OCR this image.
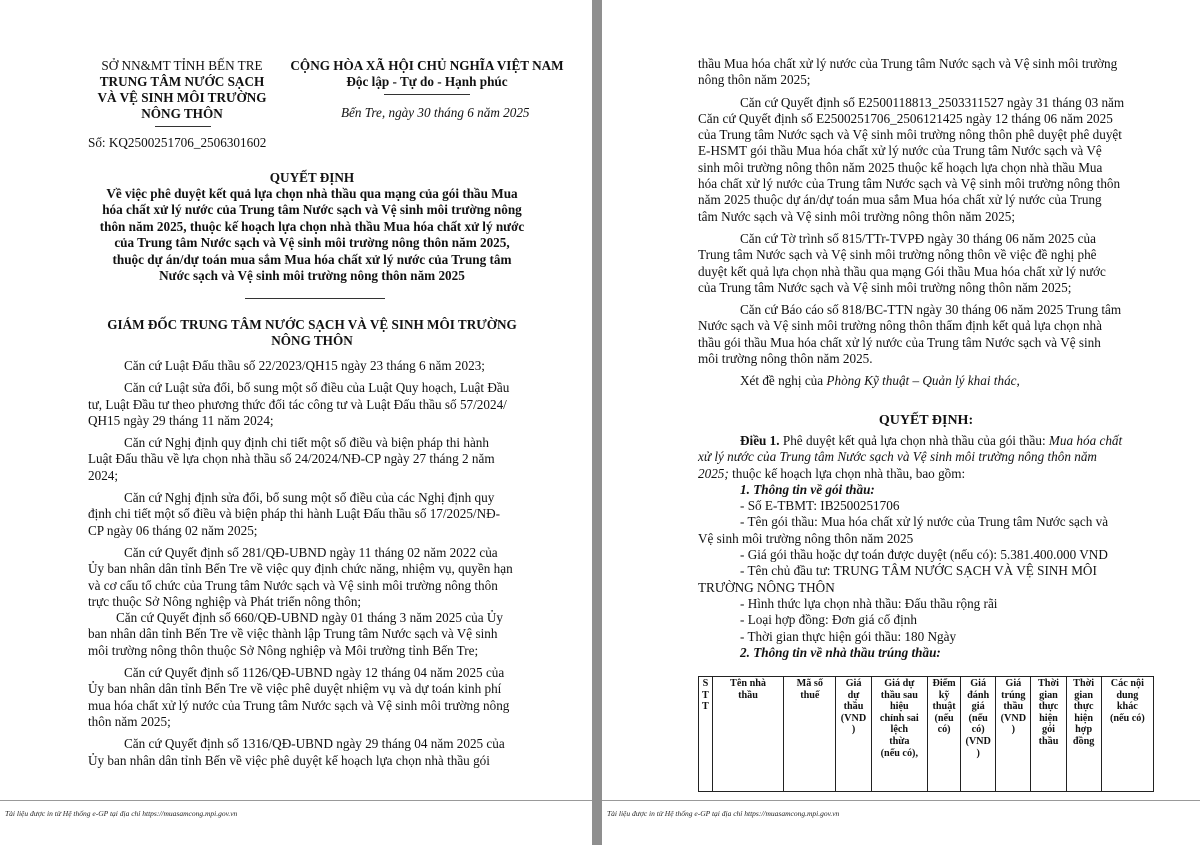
SỞ NN&MT TỈNH BẾN TRE
TRUNG TÂM NƯỚC SẠCH
VÀ VỆ SINH MÔI TRƯỜNG
NÔNG THÔN
CỘNG HÒA XÃ HỘI CHỦ NGHĨA VIỆT NAM
Độc lập - Tự do - Hạnh phúc
Bến Tre, ngày 30 tháng 6 năm 2025
Số: KQ2500251706_2506301602
QUYẾT ĐỊNH
Về việc phê duyệt kết quả lựa chọn nhà thầu qua mạng của gói thầu Mua
hóa chất xử lý nước của Trung tâm Nước sạch và Vệ sinh môi trường nông
thôn năm 2025, thuộc kế hoạch lựa chọn nhà thầu Mua hóa chất xử lý nước
của Trung tâm Nước sạch và Vệ sinh môi trường nông thôn năm 2025,
thuộc dự án/dự toán mua sắm Mua hóa chất xử lý nước của Trung tâm
Nước sạch và Vệ sinh môi trường nông thôn năm 2025
GIÁM ĐỐC TRUNG TÂM NƯỚC SẠCH VÀ VỆ SINH MÔI TRƯỜNG
NÔNG THÔN
Căn cứ Luật Đấu thầu số 22/2023/QH15 ngày 23 tháng 6 năm 2023;
Căn cứ Luật sửa đổi, bổ sung một số điều của Luật Quy hoạch, Luật Đầu
tư, Luật Đầu tư theo phương thức đối tác công tư và Luật Đấu thầu số 57/2024/
QH15 ngày 29 tháng 11 năm 2024;
Căn cứ Nghị định quy định chi tiết một số điều và biện pháp thi hành
Luật Đấu thầu về lựa chọn nhà thầu số 24/2024/NĐ-CP ngày 27 tháng 2 năm
2024;
Căn cứ Nghị định sửa đổi, bổ sung một số điều của các Nghị định quy
định chi tiết một số điều và biện pháp thi hành Luật Đấu thầu số 17/2025/NĐ-
CP ngày 06 tháng 02 năm 2025;
Căn cứ Quyết định số 281/QĐ-UBND ngày 11 tháng 02 năm 2022 của
Ủy ban nhân dân tỉnh Bến Tre về việc quy định chức năng, nhiệm vụ, quyền hạn
và cơ cấu tổ chức của Trung tâm Nước sạch và Vệ sinh môi trường nông thôn
trực thuộc Sở Nông nghiệp và Phát triển nông thôn;
Căn cứ Quyết định số 660/QĐ-UBND ngày 01 tháng 3 năm 2025 của Ủy
ban nhân dân tỉnh Bến Tre về việc thành lập Trung tâm Nước sạch và Vệ sinh
môi trường nông thôn thuộc Sở Nông nghiệp và Môi trường tỉnh Bến Tre;
Căn cứ Quyết định số 1126/QĐ-UBND ngày 12 tháng 04 năm 2025 của
Ủy ban nhân dân tỉnh Bến Tre về việc phê duyệt nhiệm vụ và dự toán kinh phí
mua hóa chất xử lý nước của Trung tâm Nước sạch và Vệ sinh môi trường nông
thôn năm 2025;
Căn cứ Quyết định số 1316/QĐ-UBND ngày 29 tháng 04 năm 2025 của
Ủy ban nhân dân tỉnh Bến về việc phê duyệt kế hoạch lựa chọn nhà thầu gói
Tài liệu được in từ Hệ thống e-GP tại địa chỉ https://muasamcong.mpi.gov.vn
thầu Mua hóa chất xử lý nước của Trung tâm Nước sạch và Vệ sinh môi trường
nông thôn năm 2025;
Căn cứ Quyết định số E2500118813_2503311527 ngày 31 tháng 03 năm
Căn cứ Quyết định số E2500251706_2506121425 ngày 12 tháng 06 năm 2025
của Trung tâm Nước sạch và Vệ sinh môi trường nông thôn phê duyệt phê duyệt
E-HSMT gói thầu Mua hóa chất xử lý nước của Trung tâm Nước sạch và Vệ
sinh môi trường nông thôn năm 2025 thuộc kế hoạch lựa chọn nhà thầu Mua
hóa chất xử lý nước của Trung tâm Nước sạch và Vệ sinh môi trường nông thôn
năm 2025 thuộc dự án/dự toán mua sắm Mua hóa chất xử lý nước của Trung
tâm Nước sạch và Vệ sinh môi trường nông thôn năm 2025;
Căn cứ Tờ trình số 815/TTr-TVPĐ ngày 30 tháng 06 năm 2025 của
Trung tâm Nước sạch và Vệ sinh môi trường nông thôn về việc đề nghị phê
duyệt kết quả lựa chọn nhà thầu qua mạng Gói thầu Mua hóa chất xử lý nước
của Trung tâm Nước sạch và Vệ sinh môi trường nông thôn năm 2025;
Căn cứ Báo cáo số 818/BC-TTN ngày 30 tháng 06 năm 2025 Trung tâm
Nước sạch và Vệ sinh môi trường nông thôn thẩm định kết quả lựa chọn nhà
thầu gói thầu Mua hóa chất xử lý nước của Trung tâm Nước sạch và Vệ sinh
môi trường nông thôn năm 2025.
Xét đề nghị của Phòng Kỹ thuật – Quản lý khai thác,
QUYẾT ĐỊNH:
Điều 1. Phê duyệt kết quả lựa chọn nhà thầu của gói thầu: Mua hóa chất
xử lý nước của Trung tâm Nước sạch và Vệ sinh môi trường nông thôn năm
2025; thuộc kế hoạch lựa chọn nhà thầu, bao gồm:
1. Thông tin về gói thầu:
- Số E-TBMT: IB2500251706
- Tên gói thầu: Mua hóa chất xử lý nước của Trung tâm Nước sạch và
Vệ sinh môi trường nông thôn năm 2025
- Giá gói thầu hoặc dự toán được duyệt (nếu có): 5.381.400.000 VND
- Tên chủ đầu tư: TRUNG TÂM NƯỚC SẠCH VÀ VỆ SINH MÔI
TRƯỜNG NÔNG THÔN
- Hình thức lựa chọn nhà thầu: Đấu thầu rộng rãi
- Loại hợp đồng: Đơn giá cố định
- Thời gian thực hiện gói thầu: 180 Ngày
2. Thông tin về nhà thầu trúng thầu:
S
T
T

Tên nhà
thầu

Mã số
thuế

Giá
dự
thầu
(VND
)

Giá dự
thầu sau
hiệu
chỉnh sai
lệch
thừa
(nếu có),

Điểm
kỹ
thuật
(nếu
có)

Giá
đánh
giá
(nếu
có)
(VND
)

Giá
trúng
thầu
(VND
)

Thời
gian
thực
hiện
gói
thầu

Thời
gian
thực
hiện
hợp
đồng

Các nội
dung
khác
(nếu có)
Tài liệu được in từ Hệ thống e-GP tại địa chỉ https://muasamcong.mpi.gov.vn
